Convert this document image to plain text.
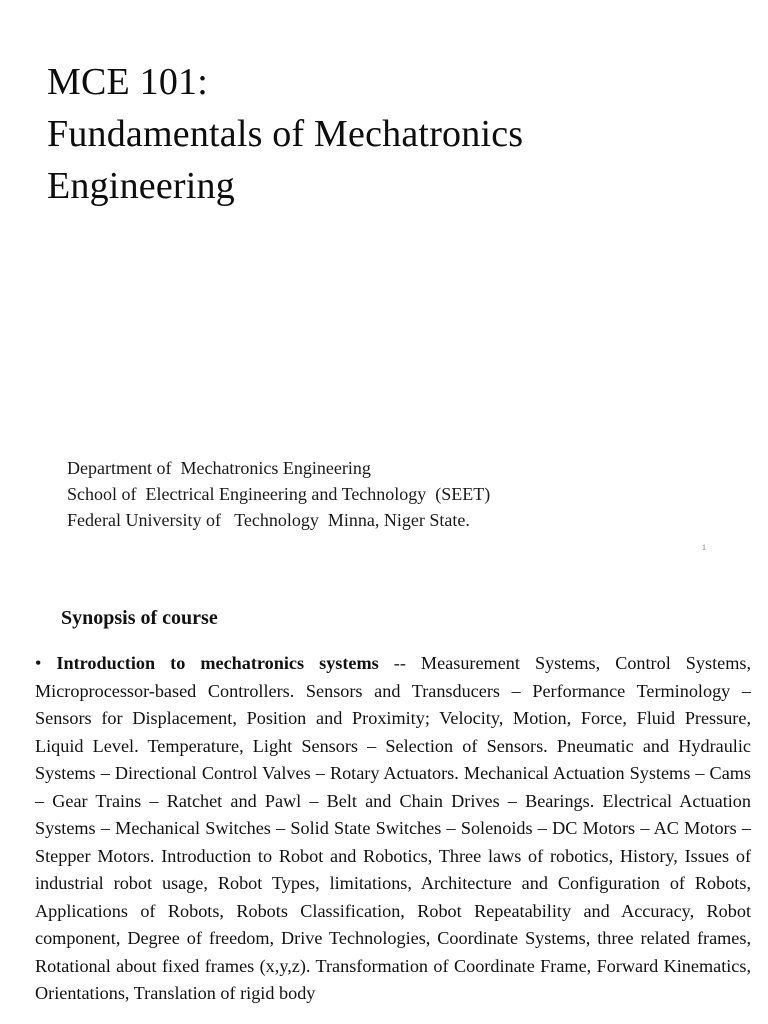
MCE 101:
Fundamentals of Mechatronics
Engineering
Department of  Mechatronics Engineering
School of  Electrical Engineering and Technology  (SEET)
Federal University of   Technology  Minna, Niger State.
1
Synopsis of course

• Introduction to mechatronics systems -- Measurement Systems, Control Systems, Microprocessor-based Controllers. Sensors and Transducers – Performance Terminology – Sensors for Displacement, Position and Proximity; Velocity, Motion, Force, Fluid Pressure, Liquid Level. Temperature, Light Sensors – Selection of Sensors. Pneumatic and Hydraulic Systems – Directional Control Valves – Rotary Actuators. Mechanical Actuation Systems – Cams – Gear Trains – Ratchet and Pawl – Belt and Chain Drives – Bearings. Electrical Actuation Systems – Mechanical Switches – Solid State Switches – Solenoids – DC Motors – AC Motors – Stepper Motors. Introduction to Robot and Robotics, Three laws of robotics, History, Issues of industrial robot usage, Robot Types, limitations, Architecture and Configuration of Robots, Applications of Robots, Robots Classification, Robot Repeatability and Accuracy, Robot component, Degree of freedom, Drive Technologies, Coordinate Systems, three related frames, Rotational about fixed frames (x,y,z). Transformation of Coordinate Frame, Forward Kinematics, Orientations, Translation of rigid body
